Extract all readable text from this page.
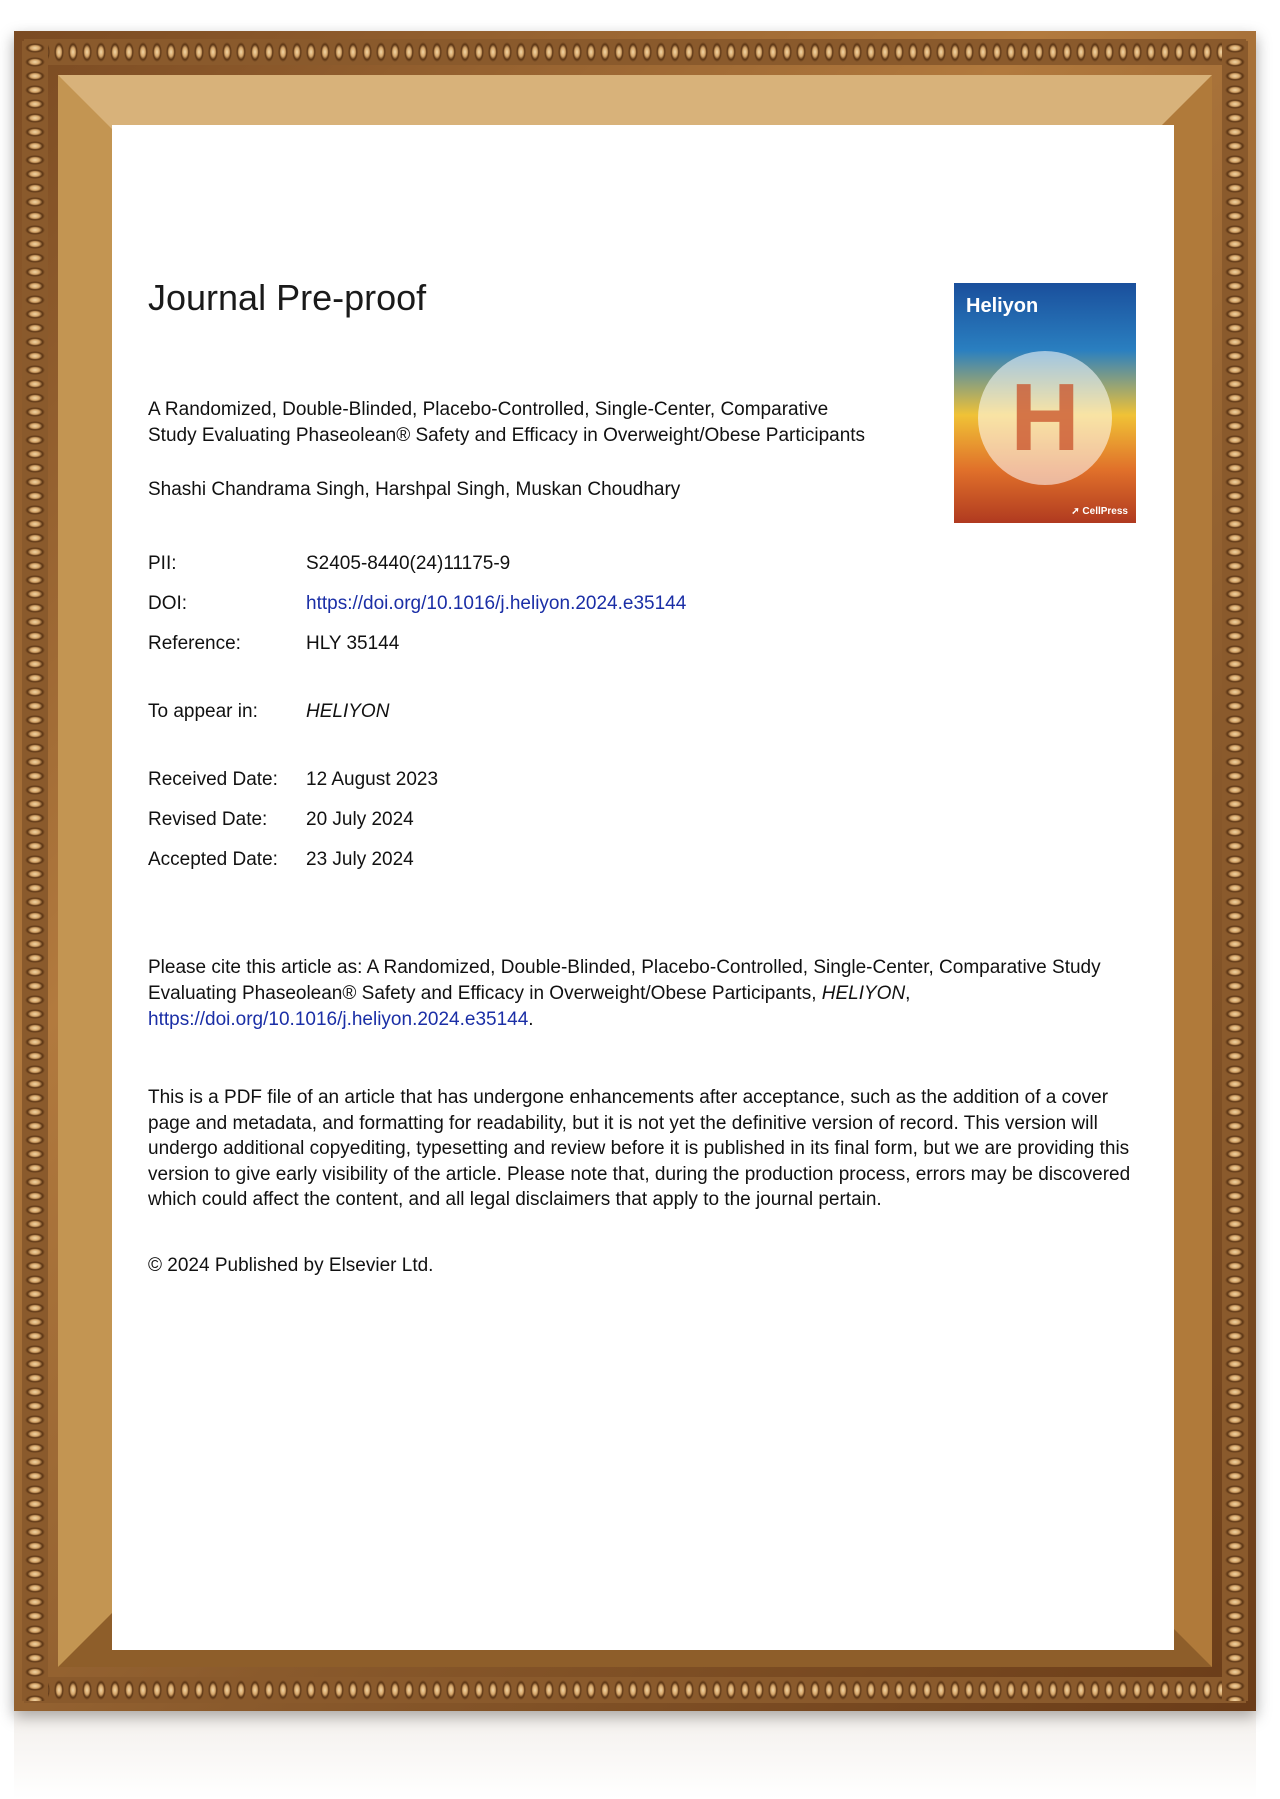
Journal Pre-proof	Heliyon
H
➚ CellPress
A Randomized, Double-Blinded, Placebo-Controlled, Single-Center, Comparative
Study Evaluating Phaseolean® Safety and Efficacy in Overweight/Obese Participants
Shashi Chandrama Singh, Harshpal Singh, Muskan Choudhary
PII:	S2405-8440(24)11175-9
DOI:	https://doi.org/10.1016/j.heliyon.2024.e35144
Reference:	HLY 35144
To appear in:	HELIYON
Received Date: 12 August 2023
Revised Date: 20 July 2024
Accepted Date: 23 July 2024
Please cite this article as: A Randomized, Double-Blinded, Placebo-Controlled, Single-Center, Comparative Study Evaluating Phaseolean® Safety and Efficacy in Overweight/Obese Participants, HELIYON, https://doi.org/10.1016/j.heliyon.2024.e35144.
This is a PDF file of an article that has undergone enhancements after acceptance, such as the addition of a cover page and metadata, and formatting for readability, but it is not yet the definitive version of record. This version will undergo additional copyediting, typesetting and review before it is published in its final form, but we are providing this version to give early visibility of the article. Please note that, during the production process, errors may be discovered which could affect the content, and all legal disclaimers that apply to the journal pertain.
© 2024 Published by Elsevier Ltd.
